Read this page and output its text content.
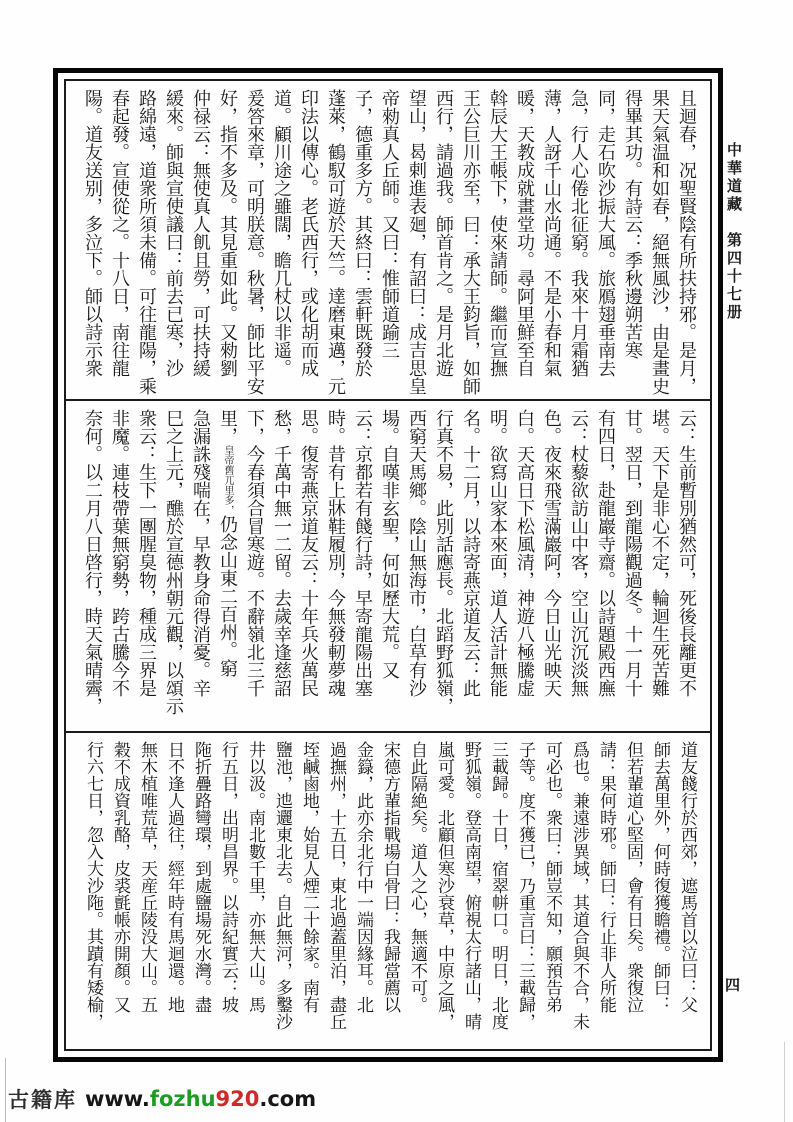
且迴春，况聖賢陰有所扶持邪。是月，
果天氣温和如春，絕無風沙，由是畫史
得畢其功。有詩云：季秋邊朔苦寒
同，走石吹沙振大風。旅鴈翅垂南去
急，行人心倦北征窮。我來十月霜猶
薄，人訝千山水尚通。不是小春和氣
暖，天教成就畫堂功。尋阿里鮮至自
斡辰大王帳下，使來請師。繼而宣撫
王公巨川亦至，曰：承大王鈞旨，如師
西行，請過我。師首肯之。是月北遊
望山，曷剌進表廻，有詔曰：成吉思皇
帝勑真人丘師。又曰：惟師道踰三
子，德重多方。其終曰：雲軒既發於
蓬萊，鶴馭可遊於天竺。達磨東邁，元
印法以傳心。老氏西行，或化胡而成
道。顧川途之雖闊，瞻几杖以非遥。
爰答來章，可明朕意。秋暑，師比平安
好，指不多及。其見重如此。又勑劉
仲禄云：無使真人飢且勞，可扶持緩
緩來。師與宣使議曰：前去已寒，沙
路綿遠，道衆所須未備。可往龍陽，乘
春起發。宣使從之。十八日，南往龍
陽。道友送别，多泣下。師以詩示衆
云：生前暫別猶然可，死後長離更不
堪。天下是非心不定，輪迴生死苦難
甘。翌日，到龍陽觀過冬。十一月十
有四日，赴龍巖寺齋。以詩題殿西廡
云：杖藜欲訪山中客，空山沉沉淡無
色。夜來飛雪滿巖阿，今日山光映天
白。天高日下松風清，神遊八極騰虚
明。欲寫山家本來面，道人活計無能
名。十二月，以詩寄燕京道友云：此
行真不易，此別話應長。北蹈野狐嶺，
西窮天馬鄉。陰山無海市，白草有沙
場。自嘆非玄聖，何如歷大荒。又
云：京都若有餞行詩，早寄龍陽出塞
時。昔有上牀鞋履別，今無發軔夢魂
思。復寄燕京道友云：十年兵火萬民
愁，千萬中無一二留。去歲幸逢慈詔
下，今春須合冒寒遊。不辭嶺北三千
里，皇帝舊兀里多，仍念山東二百州。窮
急漏誅殘喘在，早教身命得消憂。辛
巳之上元，醮於宣德州朝元觀，以頌示
衆云：生下一團腥臭物，種成三界是
非魔。連枝帶葉無窮勢，跨古騰今不
奈何。以二月八日啓行，時天氣晴霽，
道友餞行於西郊，遮馬首以泣曰：父
師去萬里外，何時復獲瞻禮。師曰：
但若輩道心堅固，會有日矣。衆復泣
請：果何時邪。師曰：行止非人所能
爲也。兼遠涉異域，其道合與不合，未
可必也。衆曰：師豈不知，願預告弟
子等。度不獲已，乃重言曰：三載歸，
三載歸。十日，宿翠帡口。明日，北度
野狐嶺。登高南望，俯視太行諸山，晴
嵐可愛。北顧但寒沙衰草，中原之風，
自此隔絶矣。道人之心，無適不可。
宋德方輩指戰場白骨曰：我歸當薦以
金籙，此亦余北行中一端因緣耳。北
過撫州，十五日，東北過蓋里泊，盡丘
垤鹹鹵地，始見人煙二十餘家。南有
鹽池，迆邐東北去。自此無河，多鑿沙
井以汲。南北數千里，亦無大山。馬
行五日，出明昌界。以詩紀實云：坡
陁折疊路彎環，到處鹽場死水灣。盡
日不逢人過往，經年時有馬迴還。地
無木植唯荒草，天産丘陵没大山。五
穀不成資乳酪，皮裘氈帳亦開顏。又
行六七日，忽入大沙陁。其蹟有矮榆，
中華道藏　第四十七册
四
古籍库 www.fozhu920.com
